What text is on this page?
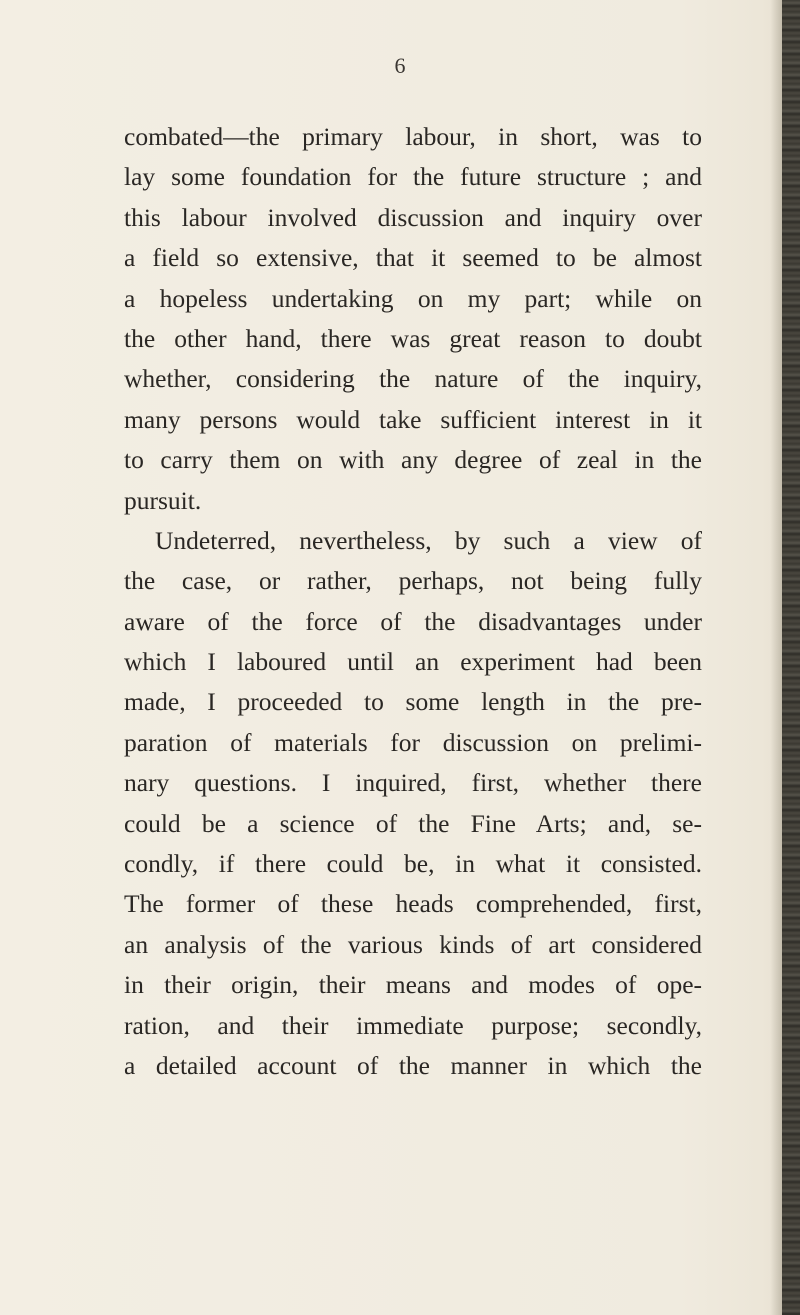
6
combated—the primary labour, in short, was to
lay some foundation for the future structure ; and
this labour involved discussion and inquiry over
a field so extensive, that it seemed to be almost
a hopeless undertaking on my part; while on
the other hand, there was great reason to doubt
whether, considering the nature of the inquiry,
many persons would take sufficient interest in it
to carry them on with any degree of zeal in the
pursuit.
Undeterred, nevertheless, by such a view of
the case, or rather, perhaps, not being fully
aware of the force of the disadvantages under
which I laboured until an experiment had been
made, I proceeded to some length in the pre-
paration of materials for discussion on prelimi-
nary questions. I inquired, first, whether there
could be a science of the Fine Arts; and, se-
condly, if there could be, in what it consisted.
The former of these heads comprehended, first,
an analysis of the various kinds of art considered
in their origin, their means and modes of ope-
ration, and their immediate purpose; secondly,
a detailed account of the manner in which the
